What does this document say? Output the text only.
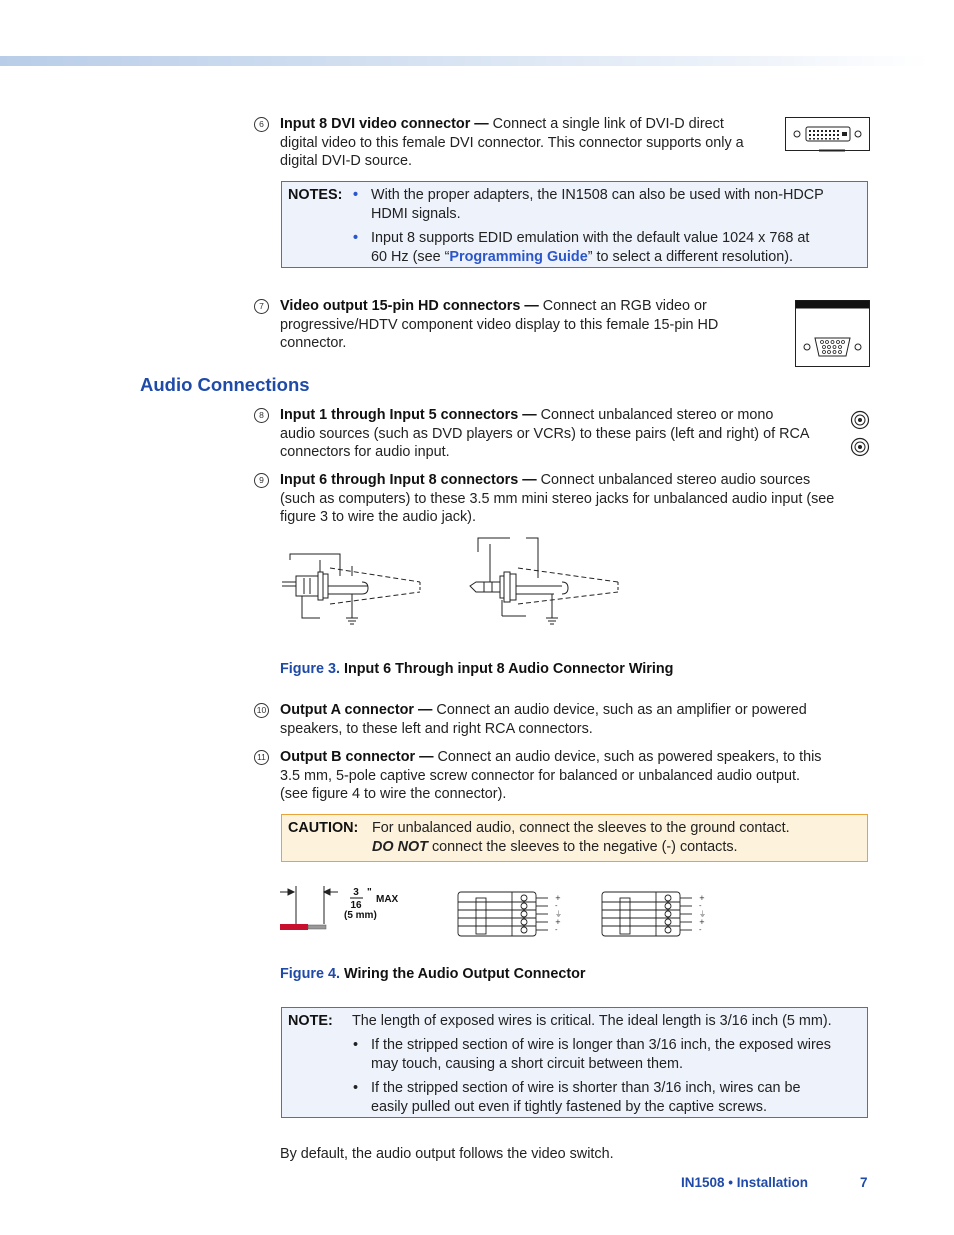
6	Input 8 DVI video connector — Connect a single link of DVI-D direct
digital video to this female DVI connector. This connector supports only a
digital DVI-D source.
NOTES: • With the proper adapters, the IN1508 can also be used with non-HDCP
HDMI signals.
• Input 8 supports EDID emulation with the default value 1024 x 768 at
60 Hz (see “Programming Guide” to select a different resolution).
7	Video output 15-pin HD connectors — Connect an RGB video or
progressive/HDTV component video display to this female 15-pin HD
connector.
Audio Connections
8	Input 1 through Input 5 connectors — Connect unbalanced stereo or mono
audio sources (such as DVD players or VCRs) to these pairs (left and right) of RCA
connectors for audio input.
9	Input 6 through Input 8 connectors — Connect unbalanced stereo audio sources
(such as computers) to these 3.5 mm mini stereo jacks for unbalanced audio input (see
figure 3 to wire the audio jack).
Figure 3. Input 6 Through input 8 Audio Connector Wiring
10 Output A connector — Connect an audio device, such as an amplifier or powered
speakers, to these left and right RCA connectors.
11 Output B connector — Connect an audio device, such as powered speakers, to this
3.5 mm, 5-pole captive screw connector for balanced or unbalanced audio output.
(see figure 4 to wire the connector).
CAUTION: For unbalanced audio, connect the sleeves to the ground contact.
DO NOT connect the sleeves to the negative (-) contacts.
3
16
"
MAX
(5 mm)
+
-
⏚
+
-
+
-
⏚
+
-
Figure 4. Wiring the Audio Output Connector
NOTE: The length of exposed wires is critical. The ideal length is 3/16 inch (5 mm).
• If the stripped section of wire is longer than 3/16 inch, the exposed wires
may touch, causing a short circuit between them.
• If the stripped section of wire is shorter than 3/16 inch, wires can be
easily pulled out even if tightly fastened by the captive screws.
By default, the audio output follows the video switch.
IN1508 • Installation	7
